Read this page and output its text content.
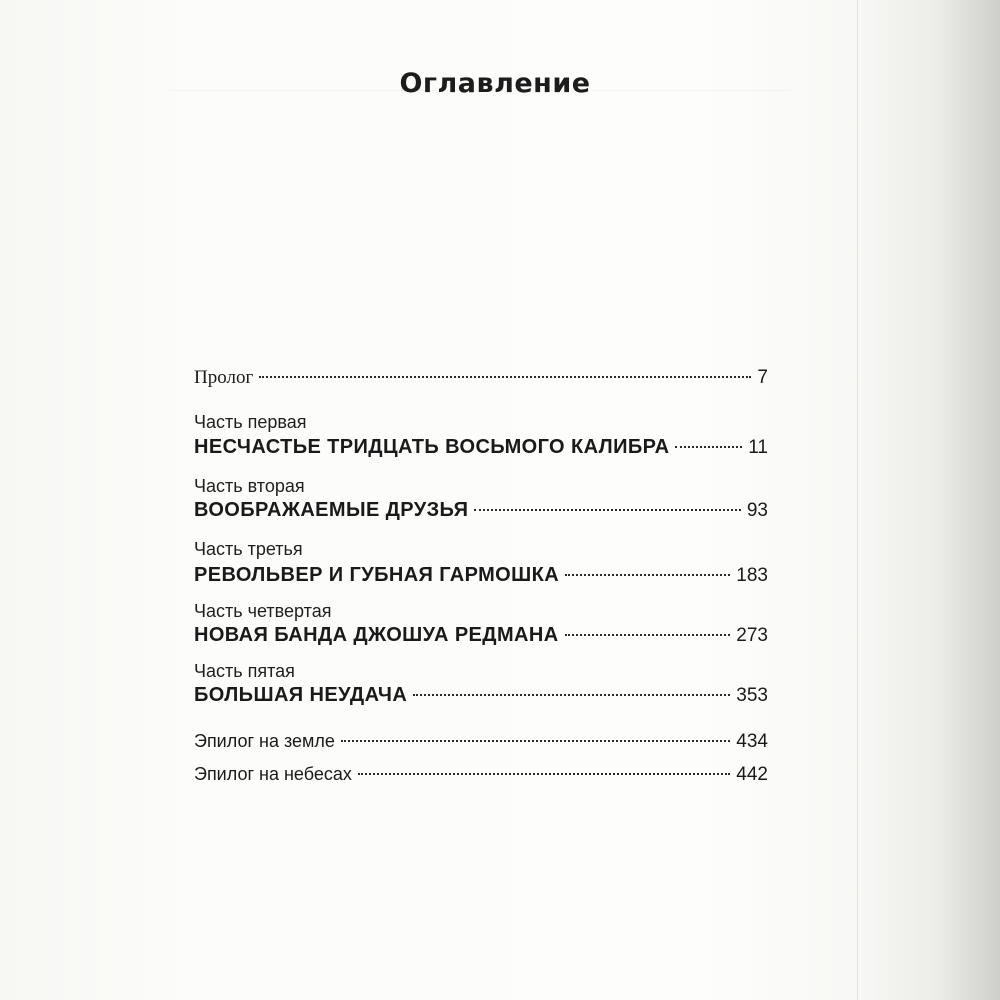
Оглавление
Пролог	7
Часть первая
НЕСЧАСТЬЕ ТРИДЦАТЬ ВОСЬМОГО КАЛИБРА	11
Часть вторая
ВООБРАЖАЕМЫЕ ДРУЗЬЯ	93
Часть третья
РЕВОЛЬВЕР И ГУБНАЯ ГАРМОШКА	183
Часть четвертая
НОВАЯ БАНДА ДЖОШУА РЕДМАНА	273
Часть пятая
БОЛЬШАЯ НЕУДАЧА	353
Эпилог на земле	434
Эпилог на небесах	442
